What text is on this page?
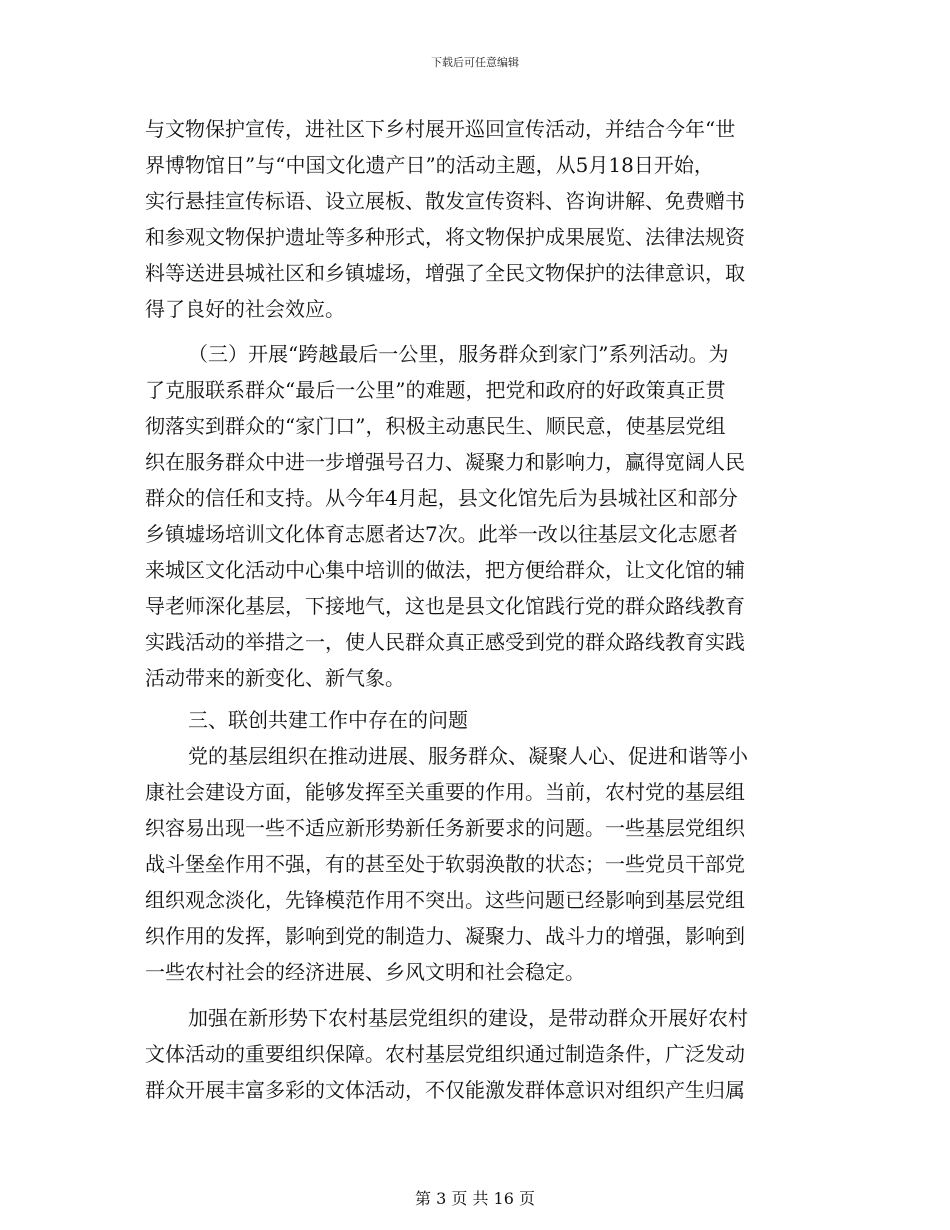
下载后可任意编辑
与文物保护宣传，进社区下乡村展开巡回宣传活动，并结合今年“世
界博物馆日”与“中国文化遗产日”的活动主题，从5月18日开始，
实行悬挂宣传标语、设立展板、散发宣传资料、咨询讲解、免费赠书
和参观文物保护遗址等多种形式，将文物保护成果展览、法律法规资
料等送进县城社区和乡镇墟场，增强了全民文物保护的法律意识，取
得了良好的社会效应。
（三）开展“跨越最后一公里，服务群众到家门”系列活动。为
了克服联系群众“最后一公里”的难题，把党和政府的好政策真正贯
彻落实到群众的“家门口”，积极主动惠民生、顺民意，使基层党组
织在服务群众中进一步增强号召力、凝聚力和影响力，赢得宽阔人民
群众的信任和支持。从今年4月起，县文化馆先后为县城社区和部分
乡镇墟场培训文化体育志愿者达7次。此举一改以往基层文化志愿者
来城区文化活动中心集中培训的做法，把方便给群众，让文化馆的辅
导老师深化基层，下接地气，这也是县文化馆践行党的群众路线教育
实践活动的举措之一，使人民群众真正感受到党的群众路线教育实践
活动带来的新变化、新气象。
三、联创共建工作中存在的问题
党的基层组织在推动进展、服务群众、凝聚人心、促进和谐等小
康社会建设方面，能够发挥至关重要的作用。当前，农村党的基层组
织容易出现一些不适应新形势新任务新要求的问题。一些基层党组织
战斗堡垒作用不强，有的甚至处于软弱涣散的状态；一些党员干部党
组织观念淡化，先锋模范作用不突出。这些问题已经影响到基层党组
织作用的发挥，影响到党的制造力、凝聚力、战斗力的增强，影响到
一些农村社会的经济进展、乡风文明和社会稳定。
加强在新形势下农村基层党组织的建设，是带动群众开展好农村
文体活动的重要组织保障。农村基层党组织通过制造条件，广泛发动
群众开展丰富多彩的文体活动，不仅能激发群体意识对组织产生归属
第 3 页 共 16 页
